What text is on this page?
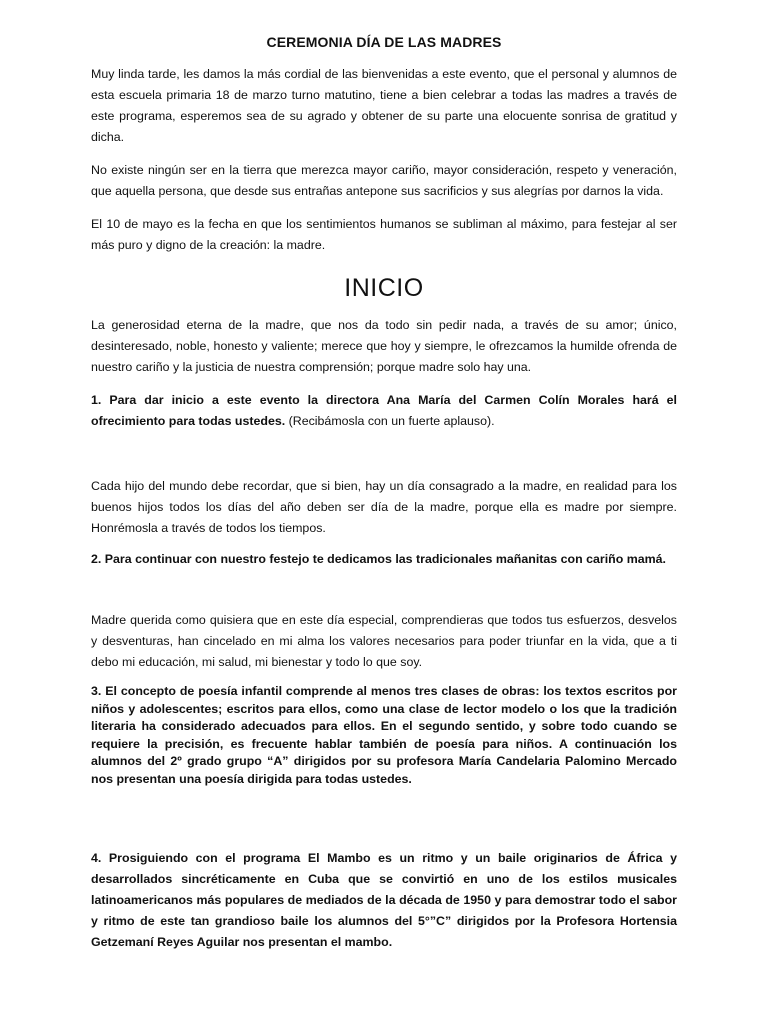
CEREMONIA DÍA DE LAS MADRES

Muy linda tarde, les damos la más cordial de las bienvenidas a este evento, que el personal y alumnos de esta escuela primaria 18 de marzo turno matutino, tiene a bien celebrar a todas las madres a través de este programa, esperemos sea de su agrado y obtener de su parte una elocuente sonrisa de gratitud y dicha.

No existe ningún ser en la tierra que merezca mayor cariño, mayor consideración, respeto y veneración, que aquella persona, que desde sus entrañas antepone sus sacrificios y sus alegrías por darnos la vida.

El 10 de mayo es la fecha en que los sentimientos humanos se subliman al máximo, para festejar al ser más puro y digno de la creación: la madre.

INICIO

La generosidad eterna de la madre, que nos da todo sin pedir nada, a través de su amor; único, desinteresado, noble, honesto y valiente; merece que hoy y siempre, le ofrezcamos la humilde ofrenda de nuestro cariño y la justicia de nuestra comprensión; porque madre solo hay una.

1. Para dar inicio a este evento la directora Ana María del Carmen Colín Morales hará el ofrecimiento para todas ustedes. (Recibámosla con un fuerte aplauso).

Cada hijo del mundo debe recordar, que si bien, hay un día consagrado a la madre, en realidad para los buenos hijos todos los días del año deben ser día de la madre, porque ella es madre por siempre. Honrémosla a través de todos los tiempos.

2. Para continuar con nuestro festejo te dedicamos las tradicionales mañanitas con cariño mamá.

Madre querida como quisiera que en este día especial, comprendieras que todos tus esfuerzos, desvelos y desventuras, han cincelado en mi alma los valores necesarios para poder triunfar en la vida, que a ti debo mi educación, mi salud, mi bienestar y todo lo que soy.

3. El concepto de poesía infantil comprende al menos tres clases de obras: los textos escritos por niños y adolescentes; escritos para ellos, como una clase de lector modelo o los que la tradición literaria ha considerado adecuados para ellos. En el segundo sentido, y sobre todo cuando se requiere la precisión, es frecuente hablar también de poesía para niños. A continuación los alumnos del 2º grado grupo “A” dirigidos por su profesora María Candelaria Palomino Mercado nos presentan una poesía dirigida para todas ustedes.

4. Prosiguiendo con el programa El Mambo es un ritmo y un baile originarios de África y desarrollados sincréticamente en Cuba que se convirtió en uno de los estilos musicales latinoamericanos más populares de mediados de la década de 1950 y para demostrar todo el sabor y ritmo de este tan grandioso baile los alumnos del 5°”C” dirigidos por la Profesora Hortensia Getzemaní Reyes Aguilar nos presentan el mambo.
